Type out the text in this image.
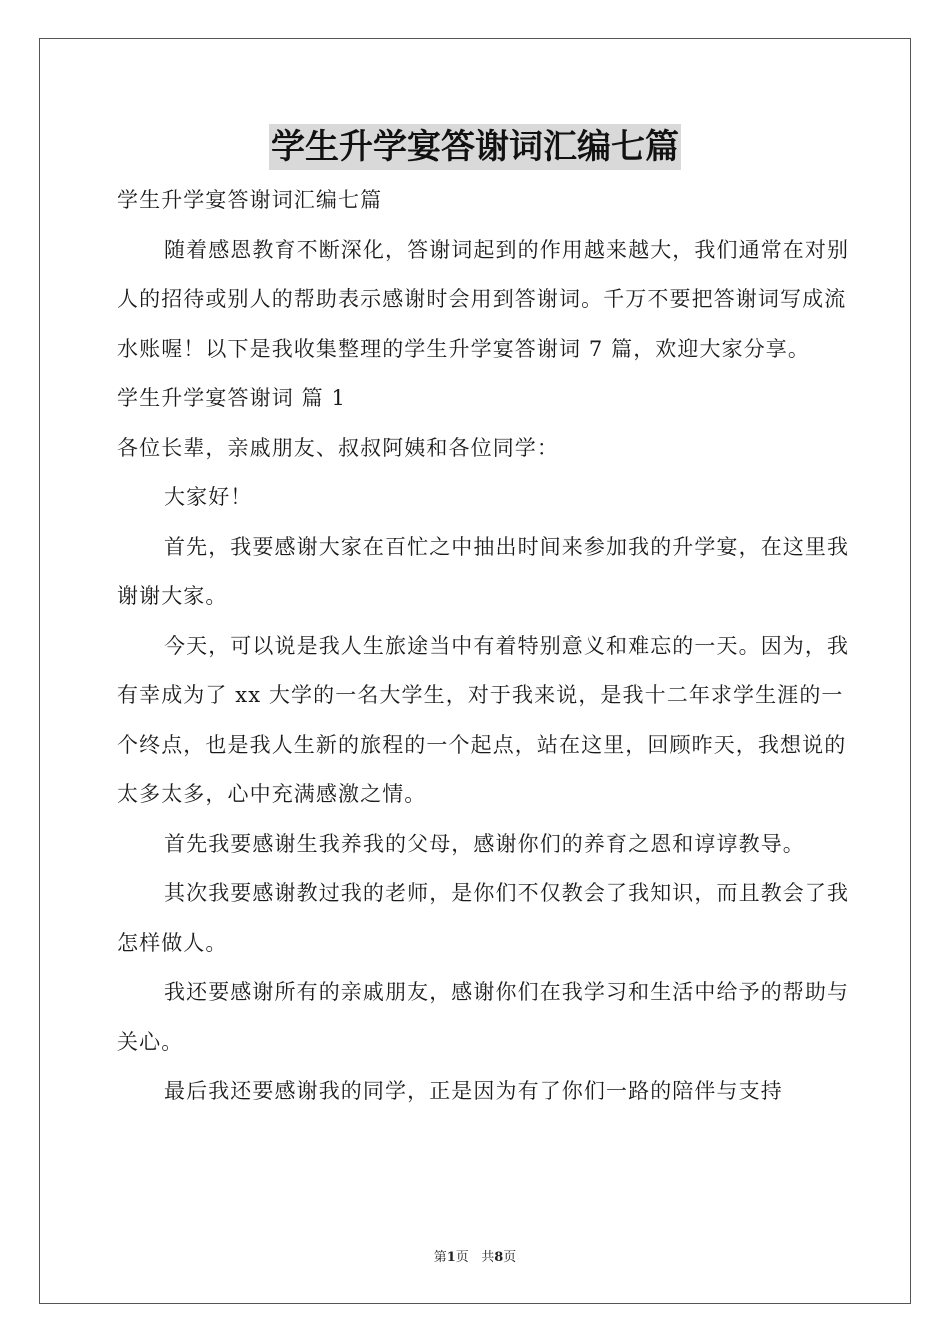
学生升学宴答谢词汇编七篇

学生升学宴答谢词汇编七篇

随着感恩教育不断深化，答谢词起到的作用越来越大，我们通常在对别人的招待或别人的帮助表示感谢时会用到答谢词。千万不要把答谢词写成流水账喔！以下是我收集整理的学生升学宴答谢词 7 篇，欢迎大家分享。

学生升学宴答谢词 篇 1

各位长辈，亲戚朋友、叔叔阿姨和各位同学：

大家好！

首先，我要感谢大家在百忙之中抽出时间来参加我的升学宴，在这里我谢谢大家。

今天，可以说是我人生旅途当中有着特别意义和难忘的一天。因为，我有幸成为了 xx 大学的一名大学生，对于我来说，是我十二年求学生涯的一个终点，也是我人生新的旅程的一个起点，站在这里，回顾昨天，我想说的太多太多，心中充满感激之情。

首先我要感谢生我养我的父母，感谢你们的养育之恩和谆谆教导。

其次我要感谢教过我的老师，是你们不仅教会了我知识，而且教会了我怎样做人。

我还要感谢所有的亲戚朋友，感谢你们在我学习和生活中给予的帮助与关心。

最后我还要感谢我的同学，正是因为有了你们一路的陪伴与支持

第1页 共8页
